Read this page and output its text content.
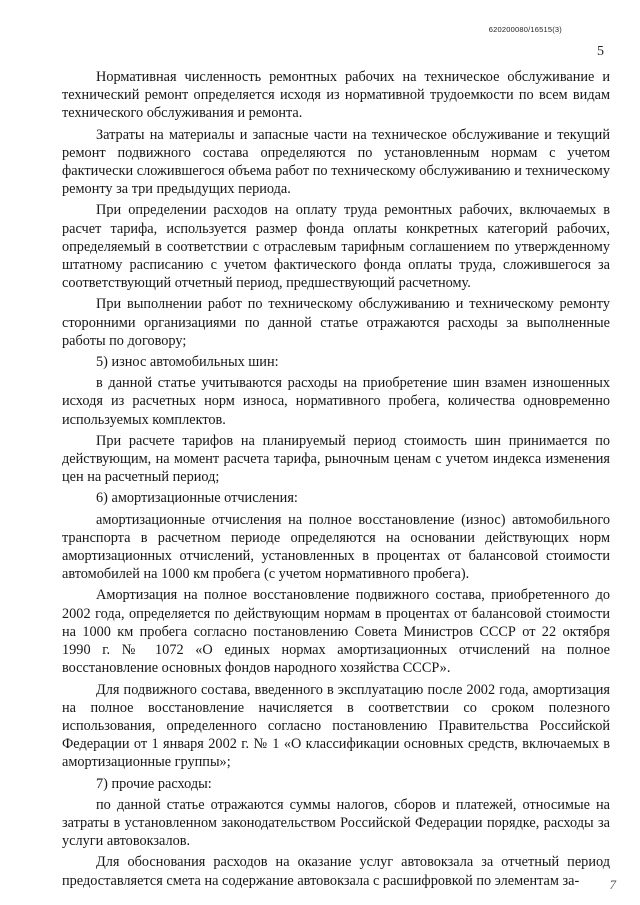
620200080/16515(3)
5

Нормативная численность ремонтных рабочих на техническое обслуживание и технический ремонт определяется исходя из нормативной трудоемкости по всем видам технического обслуживания и ремонта.

Затраты на материалы и запасные части на техническое обслуживание и текущий ремонт подвижного состава определяются по установленным нормам с учетом фактически сложившегося объема работ по техническому обслуживанию и техническому ремонту за три предыдущих периода.

При определении расходов на оплату труда ремонтных рабочих, включаемых в расчет тарифа, используется размер фонда оплаты конкретных категорий рабочих, определяемый в соответствии с отраслевым тарифным соглашением по утвержденному штатному расписанию с учетом фактического фонда оплаты труда, сложившегося за соответствующий отчетный период, предшествующий расчетному.

При выполнении работ по техническому обслуживанию и техническому ремонту сторонними организациями по данной статье отражаются расходы за выполненные работы по договору;

5) износ автомобильных шин:

в данной статье учитываются расходы на приобретение шин взамен изношенных исходя из расчетных норм износа, нормативного пробега, количества одновременно используемых комплектов.

При расчете тарифов на планируемый период стоимость шин принимается по действующим, на момент расчета тарифа, рыночным ценам с учетом индекса изменения цен на расчетный период;

6) амортизационные отчисления:

амортизационные отчисления на полное восстановление (износ) автомобильного транспорта в расчетном периоде определяются на основании действующих норм амортизационных отчислений, установленных в процентах от балансовой стоимости автомобилей на 1000 км пробега (с учетом нормативного пробега).

Амортизация на полное восстановление подвижного состава, приобретенного до 2002 года, определяется по действующим нормам в процентах от балансовой стоимости на 1000 км пробега согласно постановлению Совета Министров СССР от 22 октября 1990 г. № 1072 «О единых нормах амортизационных отчислений на полное восстановление основных фондов народного хозяйства СССР».

Для подвижного состава, введенного в эксплуатацию после 2002 года, амортизация на полное восстановление начисляется в соответствии со сроком полезного использования, определенного согласно постановлению Правительства Российской Федерации от 1 января 2002 г. № 1 «О классификации основных средств, включаемых в амортизационные группы»;

7) прочие расходы:

по данной статье отражаются суммы налогов, сборов и платежей, относимые на затраты в установленном законодательством Российской Федерации порядке, расходы за услуги автовокзалов.

Для обоснования расходов на оказание услуг автовокзала за отчетный период предоставляется смета на содержание автовокзала с расшифровкой по элементам за-	7
